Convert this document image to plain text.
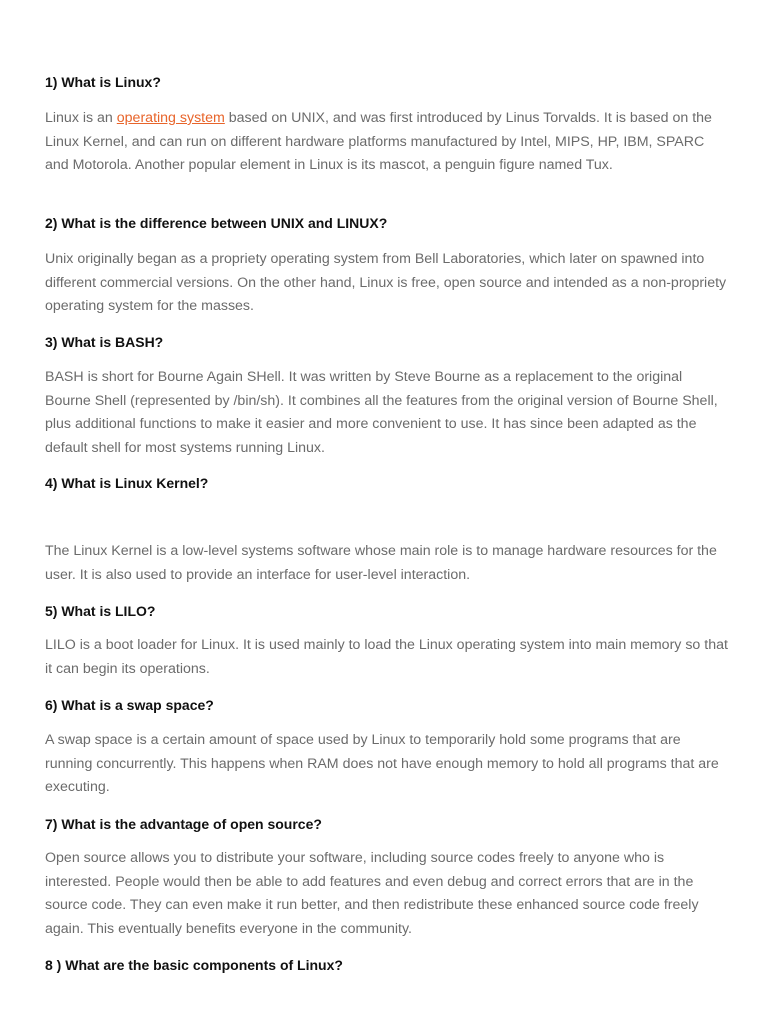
1) What is Linux?

Linux is an operating system based on UNIX, and was first introduced by Linus Torvalds. It is based on the Linux Kernel, and can run on different hardware platforms manufactured by Intel, MIPS, HP, IBM, SPARC and Motorola. Another popular element in Linux is its mascot, a penguin figure named Tux.

2) What is the difference between UNIX and LINUX?

Unix originally began as a propriety operating system from Bell Laboratories, which later on spawned into different commercial versions. On the other hand, Linux is free, open source and intended as a non-propriety operating system for the masses.

3) What is BASH?

BASH is short for Bourne Again SHell. It was written by Steve Bourne as a replacement to the original Bourne Shell (represented by /bin/sh). It combines all the features from the original version of Bourne Shell, plus additional functions to make it easier and more convenient to use. It has since been adapted as the default shell for most systems running Linux.

4) What is Linux Kernel?

The Linux Kernel is a low-level systems software whose main role is to manage hardware resources for the user. It is also used to provide an interface for user-level interaction.

5) What is LILO?

LILO is a boot loader for Linux. It is used mainly to load the Linux operating system into main memory so that it can begin its operations.

6) What is a swap space?

A swap space is a certain amount of space used by Linux to temporarily hold some programs that are running concurrently. This happens when RAM does not have enough memory to hold all programs that are executing.

7) What is the advantage of open source?

Open source allows you to distribute your software, including source codes freely to anyone who is interested. People would then be able to add features and even debug and correct errors that are in the source code. They can even make it run better, and then redistribute these enhanced source code freely again. This eventually benefits everyone in the community.

8 ) What are the basic components of Linux?
